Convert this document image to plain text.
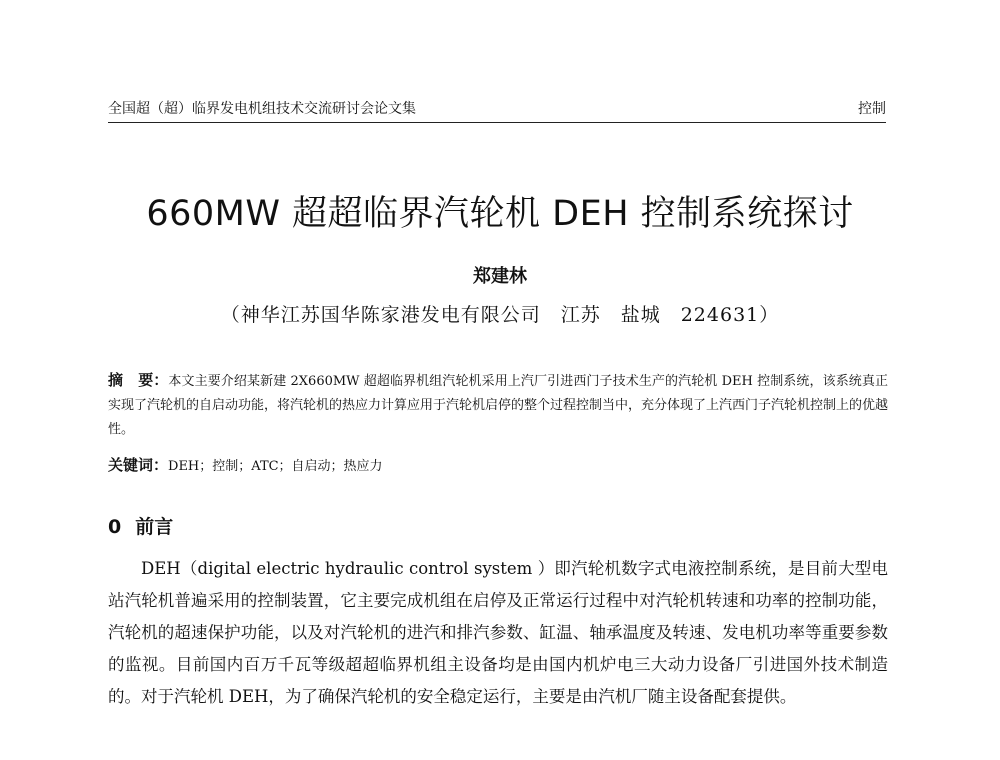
全国超（超）临界发电机组技术交流研讨会论文集	控制
660MW 超超临界汽轮机 DEH 控制系统探讨
郑建林
（神华江苏国华陈家港发电有限公司　江苏　盐城　224631）
摘　要：本文主要介绍某新建 2X660MW 超超临界机组汽轮机采用上汽厂引进西门子技术生产的汽轮机 DEH 控制系统，该系统真正实现了汽轮机的自启动功能，将汽轮机的热应力计算应用于汽轮机启停的整个过程控制当中，充分体现了上汽西门子汽轮机控制上的优越性。
关键词：DEH；控制；ATC；自启动；热应力
0 前言
DEH（digital electric hydraulic control system ）即汽轮机数字式电液控制系统，是目前大型电站汽轮机普遍采用的控制装置，它主要完成机组在启停及正常运行过程中对汽轮机转速和功率的控制功能，汽轮机的超速保护功能，以及对汽轮机的进汽和排汽参数、缸温、轴承温度及转速、发电机功率等重要参数的监视。目前国内百万千瓦等级超超临界机组主设备均是由国内机炉电三大动力设备厂引进国外技术制造的。对于汽轮机 DEH，为了确保汽轮机的安全稳定运行，主要是由汽机厂随主设备配套提供。
